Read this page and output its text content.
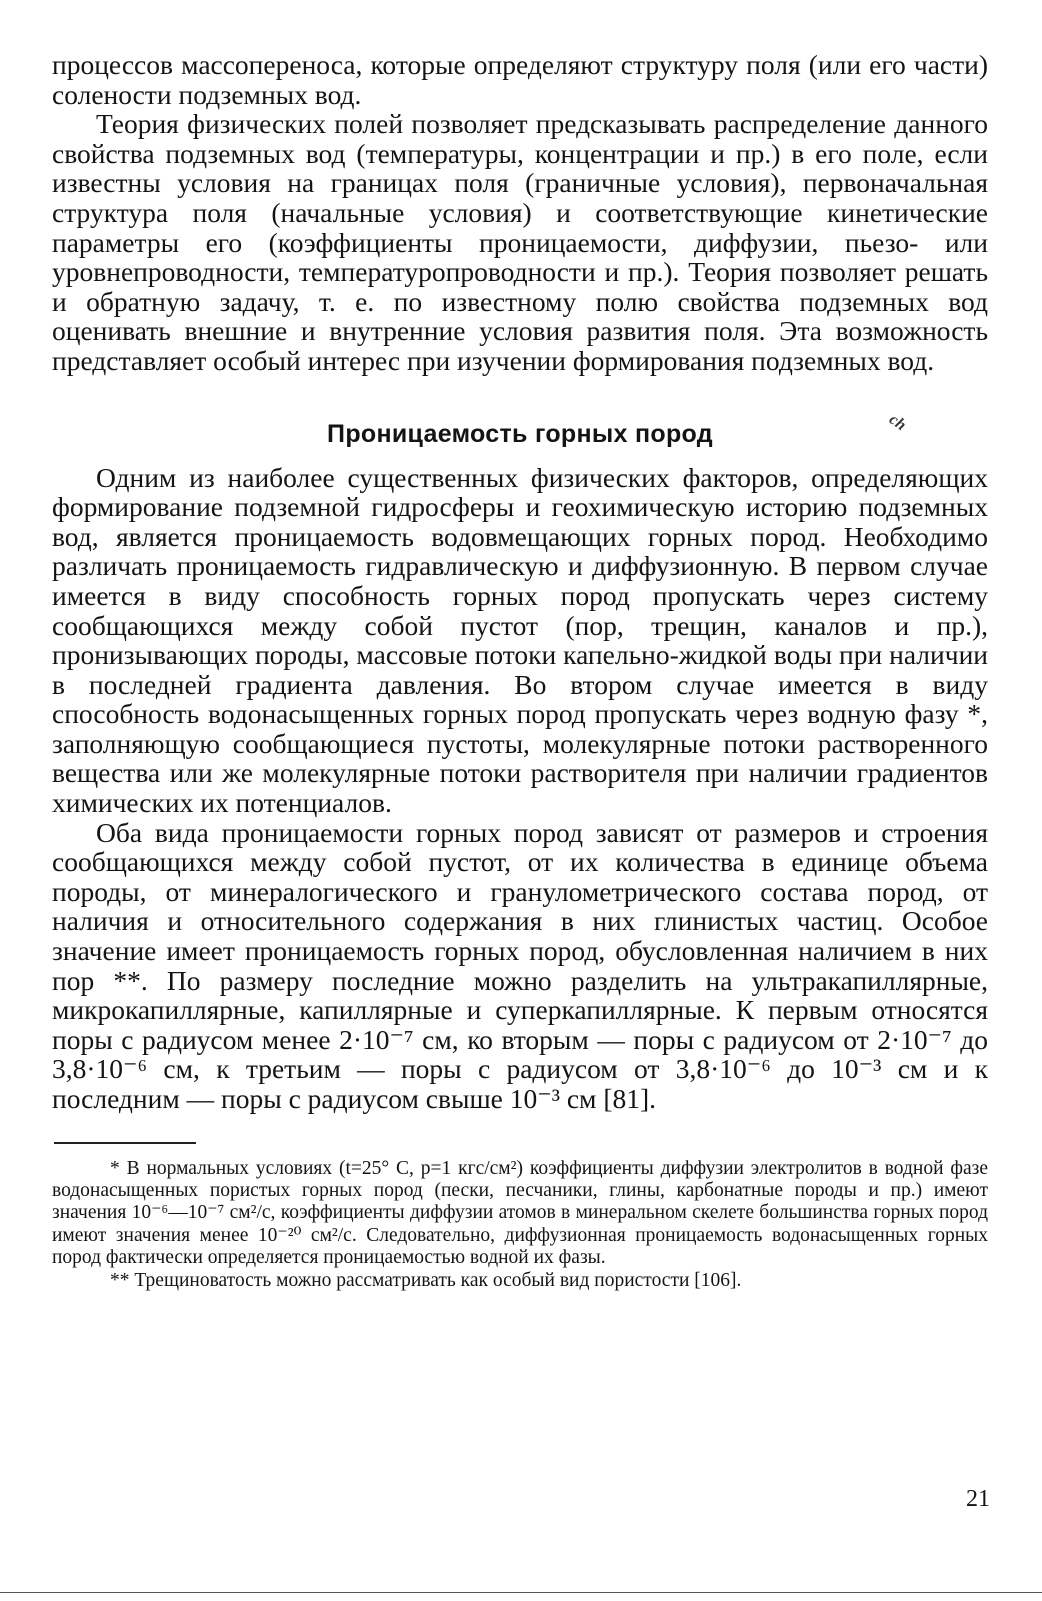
процессов массопереноса, которые определяют структуру поля (или его части) солености подземных вод.

Теория физических полей позволяет предсказывать распределение данного свойства подземных вод (температуры, концентрации и пр.) в его поле, если известны условия на границах поля (граничные условия), первоначальная структура поля (начальные условия) и соответствующие кинетические параметры его (коэффициенты проницаемости, диффузии, пьезо- или уровнепроводности, температуропроводности и пр.). Теория позволяет решать и обратную задачу, т. е. по известному полю свойства подземных вод оценивать внешние и внутренние условия развития поля. Эта возможность представляет особый интерес при изучении формирования подземных вод.

Проницаемость горных пород	ch

Одним из наиболее существенных физических факторов, определяющих формирование подземной гидросферы и геохимическую историю подземных вод, является проницаемость водовмещающих горных пород. Необходимо различать проницаемость гидравлическую и диффузионную. В первом случае имеется в виду способность горных пород пропускать через систему сообщающихся между собой пустот (пор, трещин, каналов и пр.), пронизывающих породы, массовые потоки капельно-жидкой воды при наличии в последней градиента давления. Во втором случае имеется в виду способность водонасыщенных горных пород пропускать через водную фазу *, заполняющую сообщающиеся пустоты, молекулярные потоки растворенного вещества или же молекулярные потоки растворителя при наличии градиентов химических их потенциалов.

Оба вида проницаемости горных пород зависят от размеров и строения сообщающихся между собой пустот, от их количества в единице объема породы, от минералогического и гранулометрического состава пород, от наличия и относительного содержания в них глинистых частиц. Особое значение имеет проницаемость горных пород, обусловленная наличием в них пор **. По размеру последние можно разделить на ультракапиллярные, микрокапиллярные, капиллярные и суперкапиллярные. К первым относятся поры с радиусом менее 2·10⁻⁷ см, ко вторым — поры с радиусом от 2·10⁻⁷ до 3,8·10⁻⁶ см, к третьим — поры с радиусом от 3,8·10⁻⁶ до 10⁻³ см и к последним — поры с радиусом свыше 10⁻³ см [81].

* В нормальных условиях (t=25° С, p=1 кгс/см²) коэффициенты диффузии электролитов в водной фазе водонасыщенных пористых горных пород (пески, песчаники, глины, карбонатные породы и пр.) имеют значения 10⁻⁶—10⁻⁷ см²/с, коэффициенты диффузии атомов в минеральном скелете большинства горных пород имеют значения менее 10⁻²⁰ см²/с. Следовательно, диффузионная проницаемость водонасыщенных горных пород фактически определяется проницаемостью водной их фазы.

** Трещиноватость можно рассматривать как особый вид пористости [106].

21
